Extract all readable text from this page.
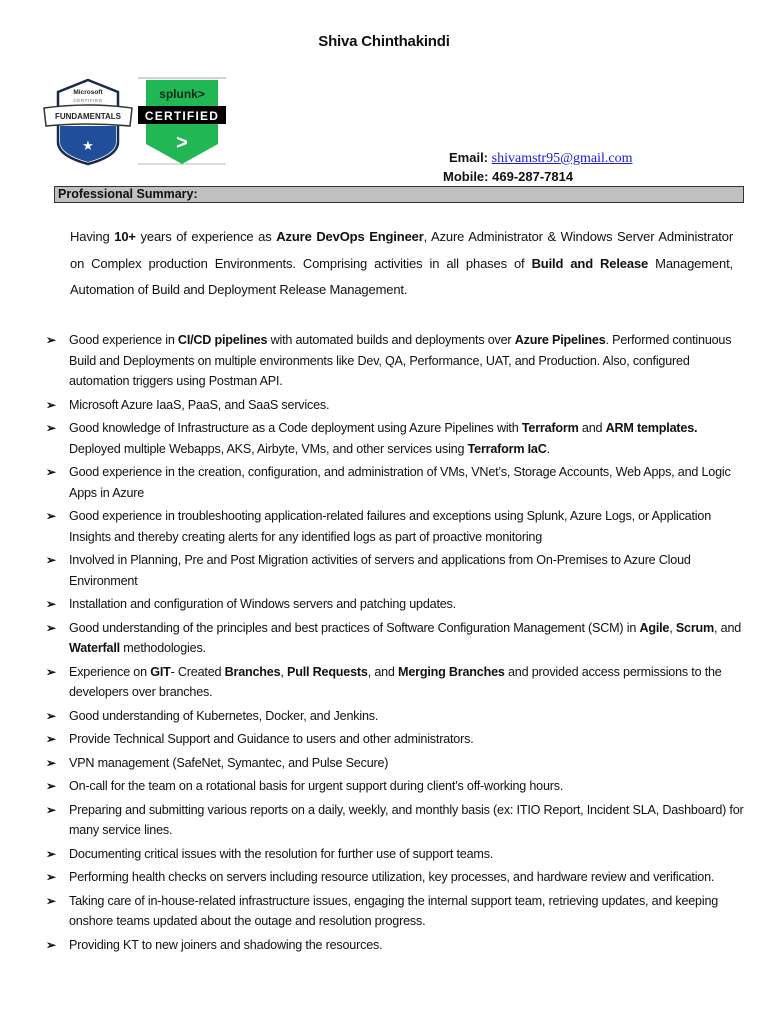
Shiva Chinthakindi
Microsoft
CERTIFIED
FUNDAMENTALS
★
splunk>
CERTIFIED
>
Email: shivamstr95@gmail.com
Mobile: 469-287-7814
Professional Summary:
Having 10+ years of experience as Azure DevOps Engineer, Azure Administrator & Windows Server Administrator on Complex production Environments. Comprising activities in all phases of Build and Release Management, Automation of Build and Deployment Release Management.
➢ Good experience in CI/CD pipelines with automated builds and deployments over Azure Pipelines. Performed continuous Build and Deployments on multiple environments like Dev, QA, Performance, UAT, and Production. Also, configured automation triggers using Postman API.
➢ Microsoft Azure IaaS, PaaS, and SaaS services.
➢ Good knowledge of Infrastructure as a Code deployment using Azure Pipelines with Terraform and ARM templates. Deployed multiple Webapps, AKS, Airbyte, VMs, and other services using Terraform IaC.
➢ Good experience in the creation, configuration, and administration of VMs, VNet’s, Storage Accounts, Web Apps, and Logic Apps in Azure
➢ Good experience in troubleshooting application-related failures and exceptions using Splunk, Azure Logs, or Application Insights and thereby creating alerts for any identified logs as part of proactive monitoring
➢ Involved in Planning, Pre and Post Migration activities of servers and applications from On-Premises to Azure Cloud Environment
➢ Installation and configuration of Windows servers and patching updates.
➢ Good understanding of the principles and best practices of Software Configuration Management (SCM) in Agile, Scrum, and Waterfall methodologies.
➢ Experience on GIT- Created Branches, Pull Requests, and Merging Branches and provided access permissions to the developers over branches.
➢ Good understanding of Kubernetes, Docker, and Jenkins.
➢ Provide Technical Support and Guidance to users and other administrators.
➢ VPN management (SafeNet, Symantec, and Pulse Secure)
➢ On-call for the team on a rotational basis for urgent support during client’s off-working hours.
➢ Preparing and submitting various reports on a daily, weekly, and monthly basis (ex: ITIO Report, Incident SLA, Dashboard) for many service lines.
➢ Documenting critical issues with the resolution for further use of support teams.
➢ Performing health checks on servers including resource utilization, key processes, and hardware review and verification.
➢ Taking care of in-house-related infrastructure issues, engaging the internal support team, retrieving updates, and keeping onshore teams updated about the outage and resolution progress.
➢ Providing KT to new joiners and shadowing the resources.
